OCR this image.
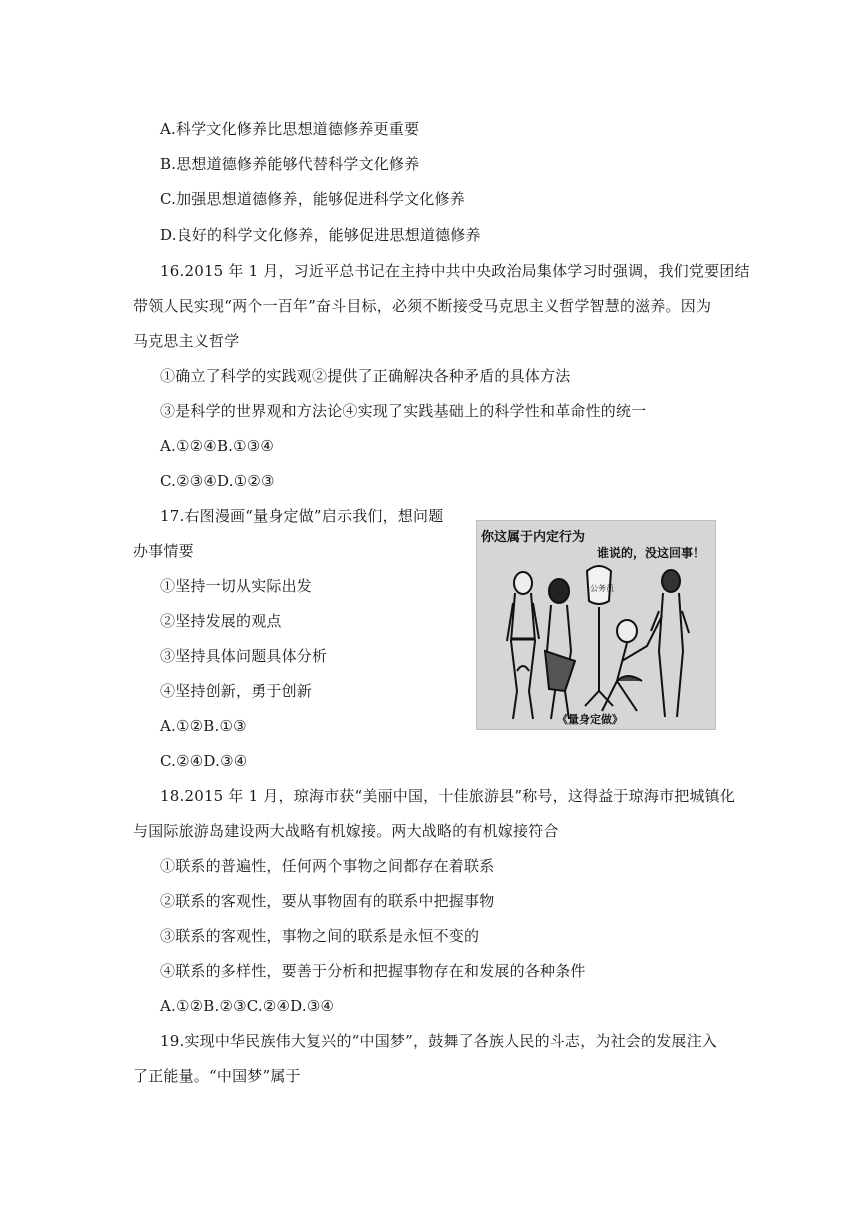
A.科学文化修养比思想道德修养更重要
B.思想道德修养能够代替科学文化修养
C.加强思想道德修养，能够促进科学文化修养
D.良好的科学文化修养，能够促进思想道德修养
16.2015 年 1 月，习近平总书记在主持中共中央政治局集体学习时强调，我们党要团结
带领人民实现“两个一百年”奋斗目标，必须不断接受马克思主义哲学智慧的滋养。因为
马克思主义哲学
①确立了科学的实践观②提供了正确解决各种矛盾的具体方法
③是科学的世界观和方法论④实现了实践基础上的科学性和革命性的统一
A.①②④B.①③④
C.②③④D.①②③
17.右图漫画“量身定做”启示我们，想问题
办事情要
①坚持一切从实际出发
②坚持发展的观点
③坚持具体问题具体分析
④坚持创新，勇于创新
A.①②B.①③
C.②④D.③④
你这属于内定行为
谁说的，没这回事！
公务员
《量身定做》
18.2015 年 1 月，琼海市获“美丽中国，十佳旅游县”称号，这得益于琼海市把城镇化
与国际旅游岛建设两大战略有机嫁接。两大战略的有机嫁接符合
①联系的普遍性，任何两个事物之间都存在着联系
②联系的客观性，要从事物固有的联系中把握事物
③联系的客观性，事物之间的联系是永恒不变的
④联系的多样性，要善于分析和把握事物存在和发展的各种条件
A.①②B.②③C.②④D.③④
19.实现中华民族伟大复兴的“中国梦”，鼓舞了各族人民的斗志，为社会的发展注入
了正能量。“中国梦”属于
